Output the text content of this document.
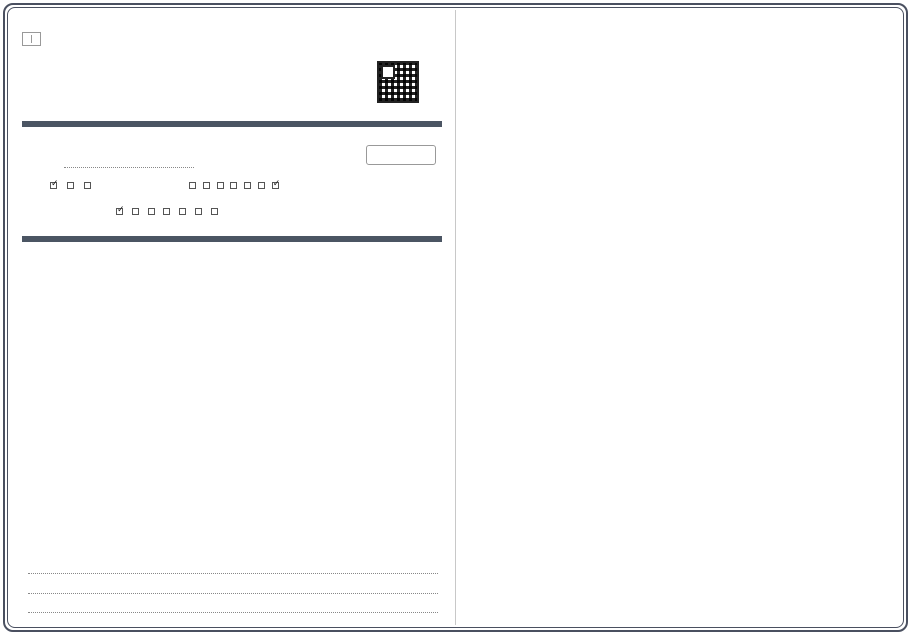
✓
✓
✓
